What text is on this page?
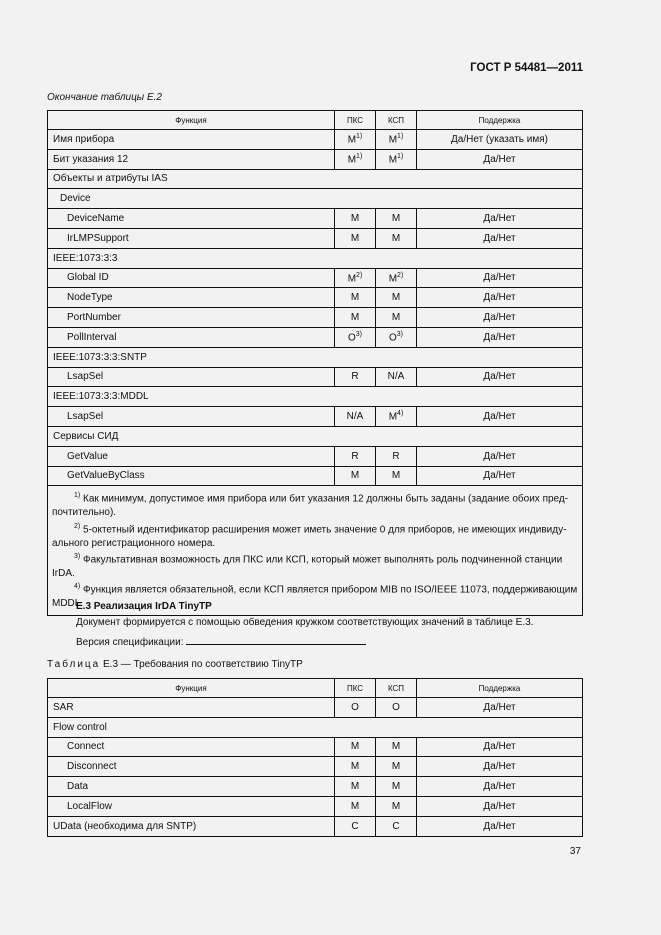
ГОСТ Р 54481—2011
Окончание таблицы Е.2
Функция	ПКС	КСП	Поддержка
Имя прибора	$М^{1)}$	$М^{1)}$	Да/Нет (указать имя)
Бит указания 12	$М^{1)}$	$М^{1)}$	Да/Нет
Объекты и атрибуты IAS			
Device			
DeviceName	М	М	Да/Нет
IrLMPSupport	М	М	Да/Нет
IEEE:1073:3:3			
Global ID	$М^{2)}$	$М^{2)}$	Да/Нет
NodeType	М	М	Да/Нет
PortNumber	М	М	Да/Нет
PollInterval	$О^{3)}$	$О^{3)}$	Да/Нет
IEEE:1073:3:3:SNTP			
LsapSel	R	N/A	Да/Нет
IEEE:1073:3:3:MDDL			
LsapSel	N/A	$М^{4)}$	Да/Нет
Сервисы СИД			
GetValue	R	R	Да/Нет
GetValueByClass	М	М	Да/Нет

$^{1)}$ Как минимум, допустимое имя прибора или бит указания 12 должны быть заданы (задание обоих пред-почтительно).
$^{2)}$ 5-октетный идентификатор расширения может иметь значение 0 для приборов, не имеющих индивиду-ального регистрационного номера.
$^{3)}$ Факультативная возможность для ПКС или КСП, который может выполнять роль подчиненной станции IrDA.
$^{4)}$ Функция является обязательной, если КСП является прибором MIB по ISO/IEEE 11073, поддерживающим MDDL.			
Е.3 Реализация IrDA TinyTP
Документ формируется с помощью обведения кружком соответствующих значений в таблице Е.3.
Версия спецификации:
Таблица Е.3 — Требования по соответствию TinyTP
Функция	ПКС	КСП	Поддержка
SAR	О	О	Да/Нет
Flow control			
Connect	М	М	Да/Нет
Disconnect	М	М	Да/Нет
Data	М	М	Да/Нет
LocalFlow	М	М	Да/Нет
UData (необходима для SNTP)	С	С	Да/Нет
37
